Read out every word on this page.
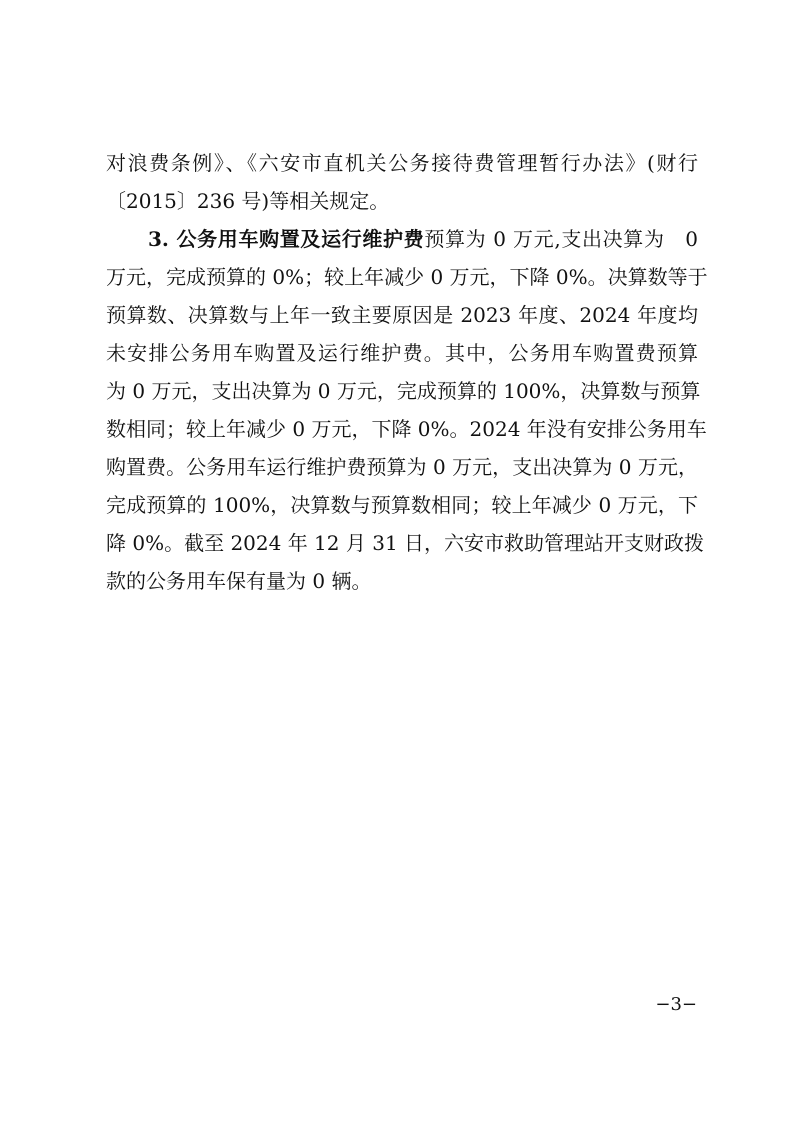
对浪费条例》、《六安市直机关公务接待费管理暂行办法》(财行
〔2015〕236 号)等相关规定。
3. 公务用车购置及运行维护费预算为 0 万元,支出决算为　0
万元，完成预算的 0%；较上年减少 0 万元，下降 0%。决算数等于
预算数、决算数与上年一致主要原因是 2023 年度、2024 年度均
未安排公务用车购置及运行维护费。其中，公务用车购置费预算
为 0 万元，支出决算为 0 万元，完成预算的 100%，决算数与预算
数相同；较上年减少 0 万元，下降 0%。2024 年没有安排公务用车
购置费。公务用车运行维护费预算为 0 万元，支出决算为 0 万元，
完成预算的 100%，决算数与预算数相同；较上年减少 0 万元，下
降 0%。截至 2024 年 12 月 31 日，六安市救助管理站开支财政拨
款的公务用车保有量为 0 辆。
−3−
